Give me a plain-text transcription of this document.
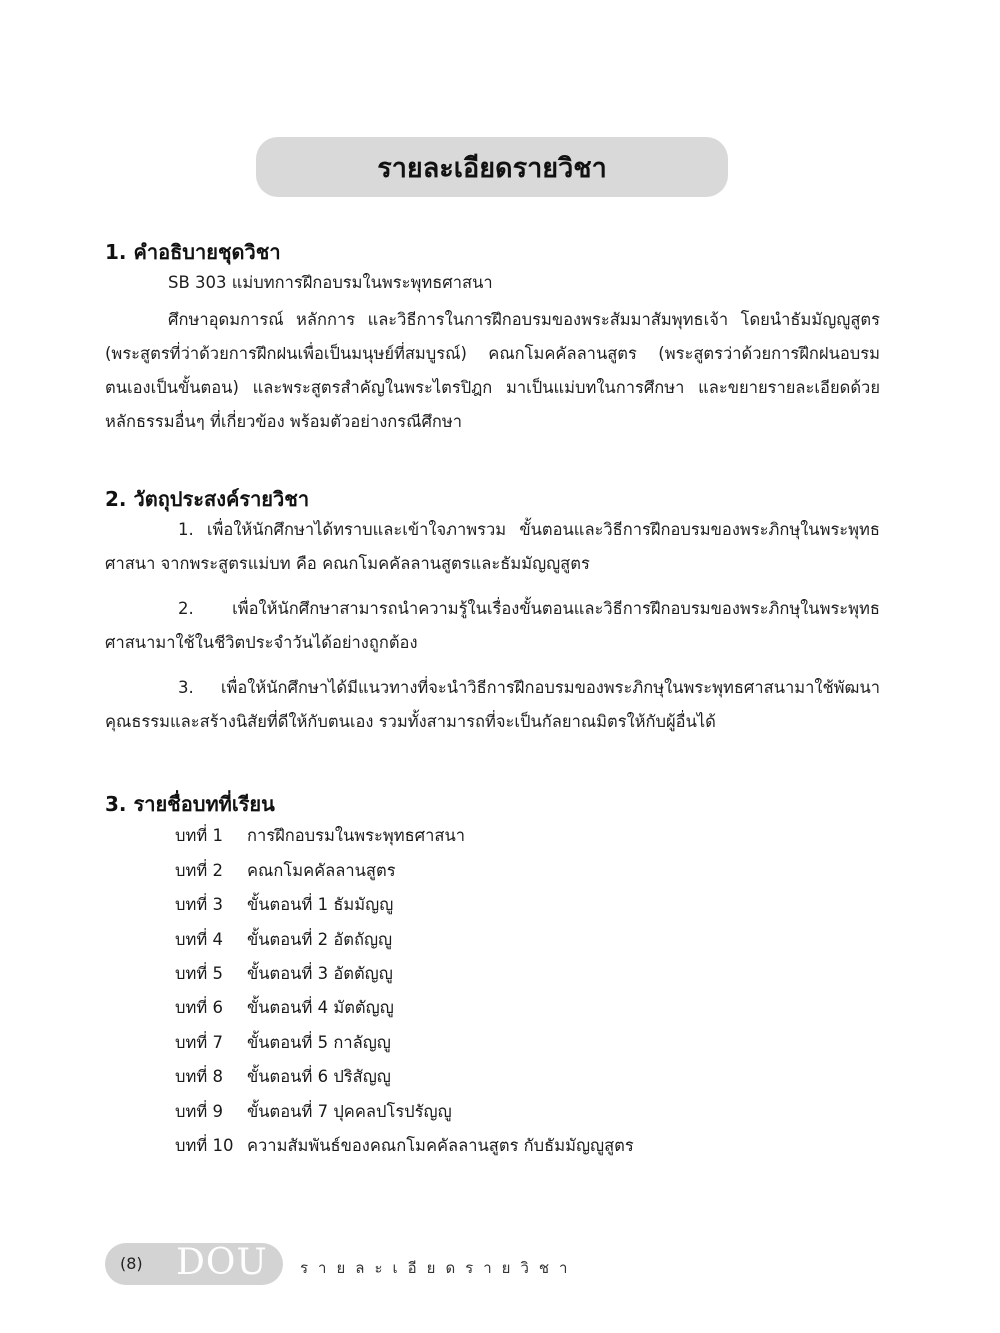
รายละเอียดรายวิชา
1. คำอธิบายชุดวิชา
SB 303 แม่บทการฝึกอบรมในพระพุทธศาสนา
ศึกษาอุดมการณ์ หลักการ และวิธีการในการฝึกอบรมของพระสัมมาสัมพุทธเจ้า โดยนำธัมมัญญูสูตร (พระสูตรที่ว่าด้วยการฝึกฝนเพื่อเป็นมนุษย์ที่สมบูรณ์) คณกโมคคัลลานสูตร (พระสูตรว่าด้วยการฝึกฝนอบรมตนเองเป็นขั้นตอน) และพระสูตรสำคัญในพระไตรปิฎก มาเป็นแม่บทในการศึกษา และขยายรายละเอียดด้วยหลักธรรมอื่นๆ ที่เกี่ยวข้อง พร้อมตัวอย่างกรณีศึกษา
2. วัตถุประสงค์รายวิชา
1. เพื่อให้นักศึกษาได้ทราบและเข้าใจภาพรวม ขั้นตอนและวิธีการฝึกอบรมของพระภิกษุในพระพุทธศาสนา จากพระสูตรแม่บท คือ คณกโมคคัลลานสูตรและธัมมัญญูสูตร
2. เพื่อให้นักศึกษาสามารถนำความรู้ในเรื่องขั้นตอนและวิธีการฝึกอบรมของพระภิกษุในพระพุทธศาสนามาใช้ในชีวิตประจำวันได้อย่างถูกต้อง
3. เพื่อให้นักศึกษาได้มีแนวทางที่จะนำวิธีการฝึกอบรมของพระภิกษุในพระพุทธศาสนามาใช้พัฒนาคุณธรรมและสร้างนิสัยที่ดีให้กับตนเอง รวมทั้งสามารถที่จะเป็นกัลยาณมิตรให้กับผู้อื่นได้
3. รายชื่อบทที่เรียน
บทที่ 1 การฝึกอบรมในพระพุทธศาสนา
บทที่ 2 คณกโมคคัลลานสูตร
บทที่ 3 ขั้นตอนที่ 1 ธัมมัญญู
บทที่ 4 ขั้นตอนที่ 2 อัตถัญญู
บทที่ 5 ขั้นตอนที่ 3 อัตตัญญู
บทที่ 6 ขั้นตอนที่ 4 มัตตัญญู
บทที่ 7 ขั้นตอนที่ 5 กาลัญญู
บทที่ 8 ขั้นตอนที่ 6 ปริสัญญู
บทที่ 9 ขั้นตอนที่ 7 ปุคคลปโรปรัญญู
บทที่ 10 ความสัมพันธ์ของคณกโมคคัลลานสูตร กับธัมมัญญูสูตร
(8) DOU รายละเอียดรายวิชา
